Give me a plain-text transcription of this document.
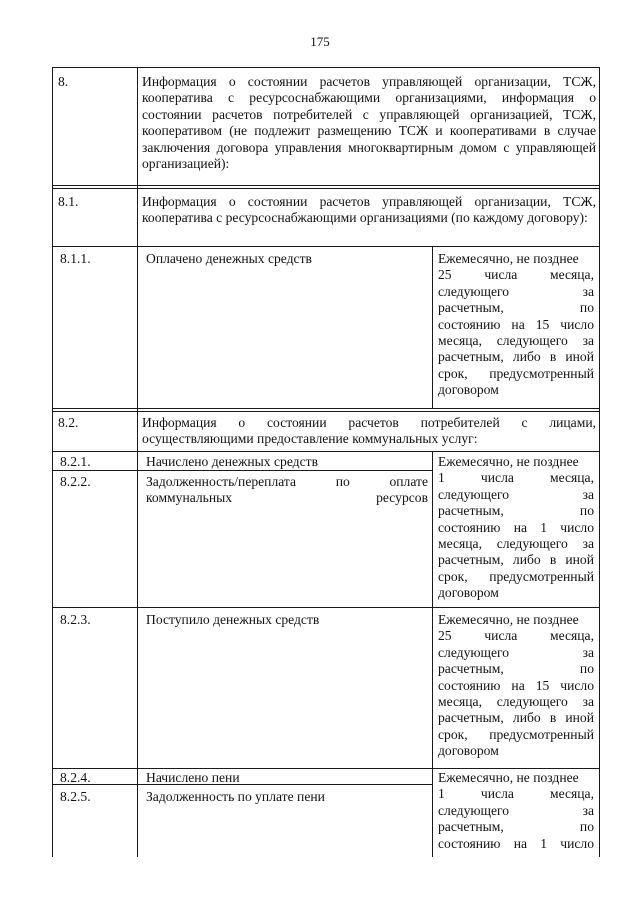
175
8.	Информация о состоянии расчетов управляющей организации, ТСЖ, кооператива с ресурсоснабжающими организациями, информация о состоянии расчетов потребителей с управляющей организацией, ТСЖ, кооперативом (не подлежит размещению ТСЖ и кооперативами в случае заключения договора управления многоквартирным домом с управляющей организацией):
8.1.	Информация о состоянии расчетов управляющей организации, ТСЖ, кооператива с ресурсоснабжающими организациями (по каждому договору):
8.1.1.	Оплачено денежных средств	Ежемесячно, не позднее
25 числа месяца,
следующего за
расчетным, по
состоянию на 15 число
месяца, следующего за
расчетным, либо в иной
срок, предусмотренный
договором
8.2.	Информация о состоянии расчетов потребителей с лицами, осуществляющими предоставление коммунальных услуг:
8.2.1.	Начислено денежных средств
8.2.2.	Задолженность/переплата по оплате коммунальных ресурсов
Ежемесячно, не позднее
1 числа месяца,
следующего за
расчетным, по
состоянию на 1 число
месяца, следующего за
расчетным, либо в иной
срок, предусмотренный
договором
8.2.3.	Поступило денежных средств	Ежемесячно, не позднее
25 числа месяца,
следующего за
расчетным, по
состоянию на 15 число
месяца, следующего за
расчетным, либо в иной
срок, предусмотренный
договором
8.2.4.	Начислено пени
8.2.5.	Задолженность по уплате пени
Ежемесячно, не позднее
1 числа месяца,
следующего за
расчетным, по
состоянию на 1 число
